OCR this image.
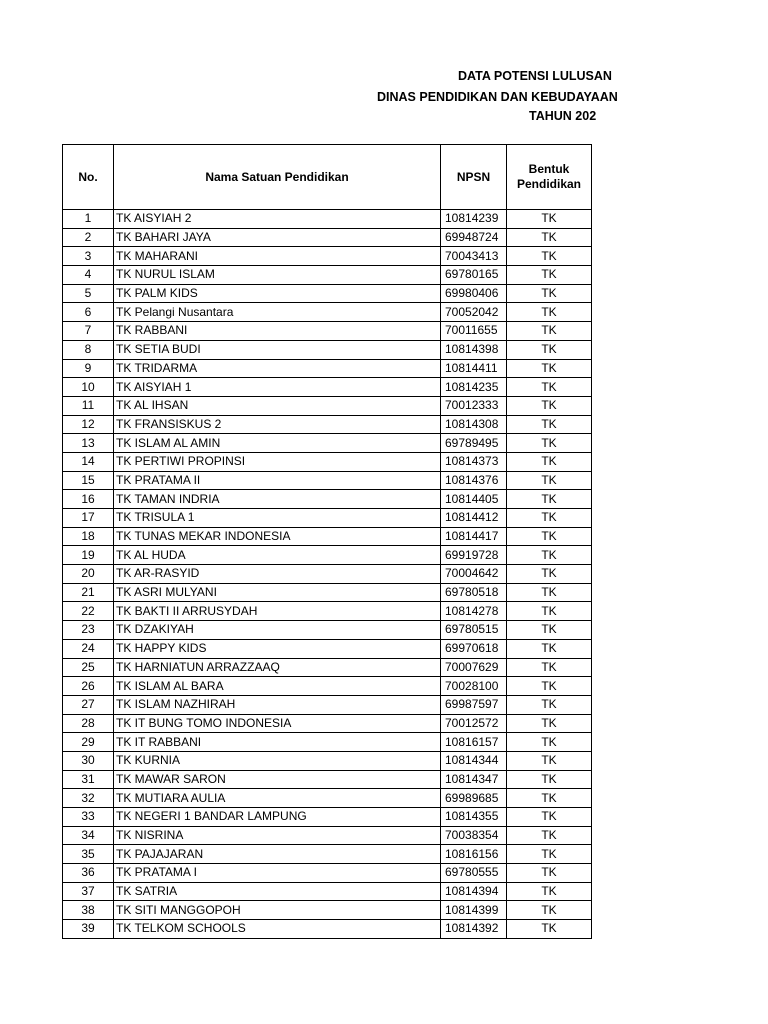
DATA POTENSI LULUSAN
DINAS PENDIDIKAN DAN KEBUDAYAAN
TAHUN 202
No.	Nama Satuan Pendidikan	NPSN	Bentuk
Pendidikan
1	TK AISYIAH 2	10814239	TK
2	TK BAHARI JAYA	69948724	TK
3	TK MAHARANI	70043413	TK
4	TK NURUL ISLAM	69780165	TK
5	TK PALM KIDS	69980406	TK
6	TK Pelangi Nusantara	70052042	TK
7	TK RABBANI	70011655	TK
8	TK SETIA BUDI	10814398	TK
9	TK TRIDARMA	10814411	TK
10	TK AISYIAH 1	10814235	TK
11	TK AL IHSAN	70012333	TK
12	TK FRANSISKUS 2	10814308	TK
13	TK ISLAM AL AMIN	69789495	TK
14	TK PERTIWI PROPINSI	10814373	TK
15	TK PRATAMA II	10814376	TK
16	TK TAMAN INDRIA	10814405	TK
17	TK TRISULA 1	10814412	TK
18	TK TUNAS MEKAR INDONESIA	10814417	TK
19	TK AL HUDA	69919728	TK
20	TK AR-RASYID	70004642	TK
21	TK ASRI MULYANI	69780518	TK
22	TK BAKTI II ARRUSYDAH	10814278	TK
23	TK DZAKIYAH	69780515	TK
24	TK HAPPY KIDS	69970618	TK
25	TK HARNIATUN ARRAZZAAQ	70007629	TK
26	TK ISLAM AL BARA	70028100	TK
27	TK ISLAM NAZHIRAH	69987597	TK
28	TK IT BUNG TOMO INDONESIA	70012572	TK
29	TK IT RABBANI	10816157	TK
30	TK KURNIA	10814344	TK
31	TK MAWAR SARON	10814347	TK
32	TK MUTIARA AULIA	69989685	TK
33	TK NEGERI 1 BANDAR LAMPUNG	10814355	TK
34	TK NISRINA	70038354	TK
35	TK PAJAJARAN	10816156	TK
36	TK PRATAMA I	69780555	TK
37	TK SATRIA	10814394	TK
38	TK SITI MANGGOPOH	10814399	TK
39	TK TELKOM SCHOOLS	10814392	TK
